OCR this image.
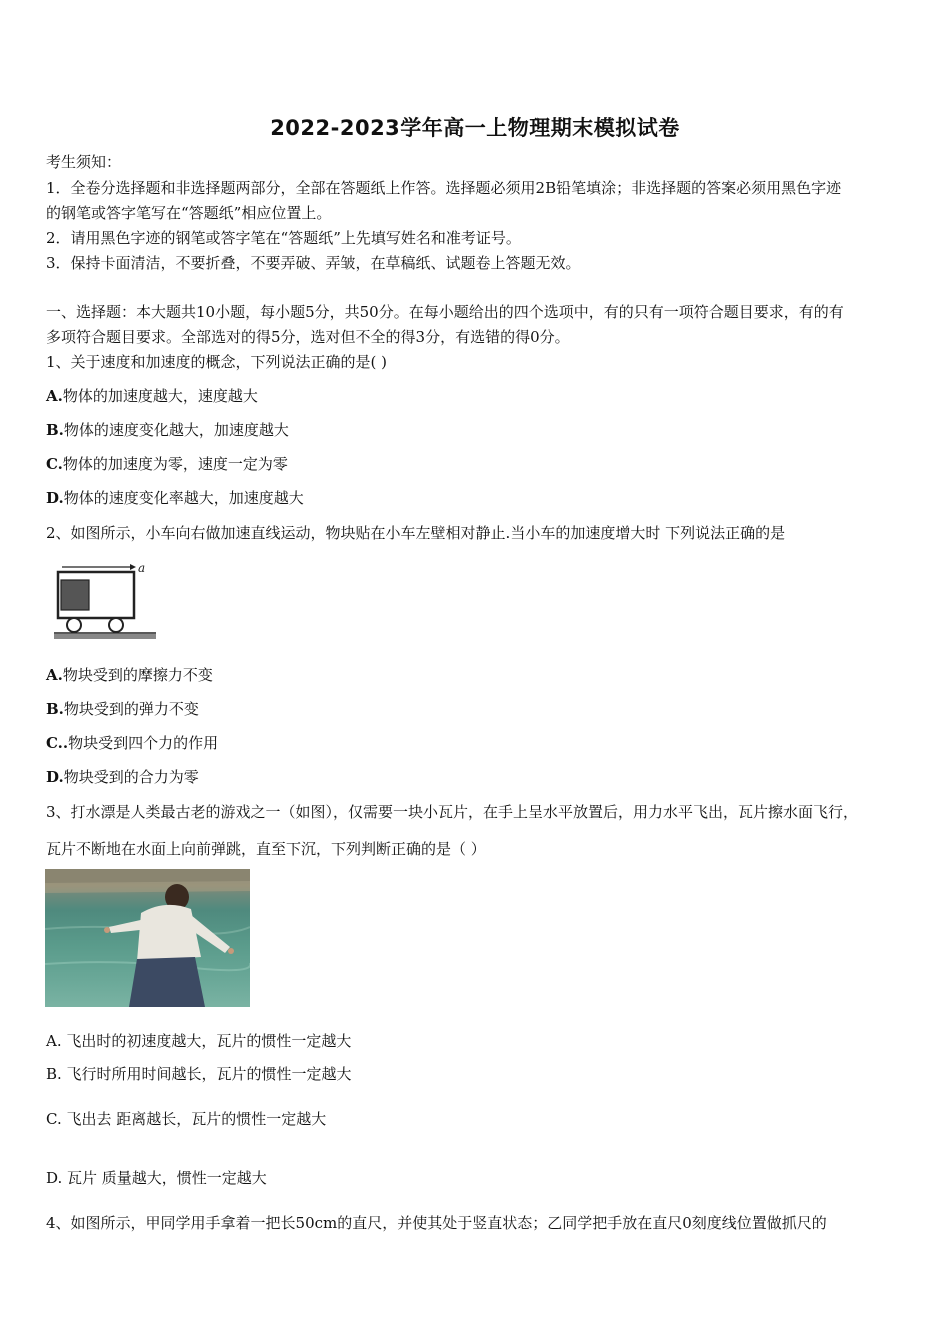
2022-2023学年高一上物理期末模拟试卷
考生须知：
1．全卷分选择题和非选择题两部分，全部在答题纸上作答。选择题必须用2B铅笔填涂；非选择题的答案必须用黑色字迹
的钢笔或答字笔写在“答题纸”相应位置上。
2．请用黑色字迹的钢笔或答字笔在“答题纸”上先填写姓名和准考证号。
3．保持卡面清洁，不要折叠，不要弄破、弄皱，在草稿纸、试题卷上答题无效。
一、选择题：本大题共10小题，每小题5分，共50分。在每小题给出的四个选项中，有的只有一项符合题目要求，有的有
多项符合题目要求。全部选对的得5分，选对但不全的得3分，有选错的得0分。
1、关于速度和加速度的概念，下列说法正确的是( )
A.物体的加速度越大，速度越大
B.物体的速度变化越大，加速度越大
C.物体的加速度为零，速度一定为零
D.物体的速度变化率越大，加速度越大
2、如图所示，小车向右做加速直线运动，物块贴在小车左壁相对静止.当小车的加速度增大时 下列说法正确的是
a
A.物块受到的摩擦力不变
B.物块受到的弹力不变
C..物块受到四个力的作用
D.物块受到的合力为零
3、打水漂是人类最古老的游戏之一（如图），仅需要一块小瓦片，在手上呈水平放置后，用力水平飞出，瓦片擦水面飞行，
瓦片不断地在水面上向前弹跳，直至下沉，下列判断正确的是（ ）
A. 飞出时的初速度越大，瓦片的惯性一定越大
B. 飞行时所用时间越长，瓦片的惯性一定越大
C. 飞出去 距离越长，瓦片的惯性一定越大
D. 瓦片 质量越大，惯性一定越大
4、如图所示，甲同学用手拿着一把长50cm的直尺，并使其处于竖直状态；乙同学把手放在直尺0刻度线位置做抓尺的
